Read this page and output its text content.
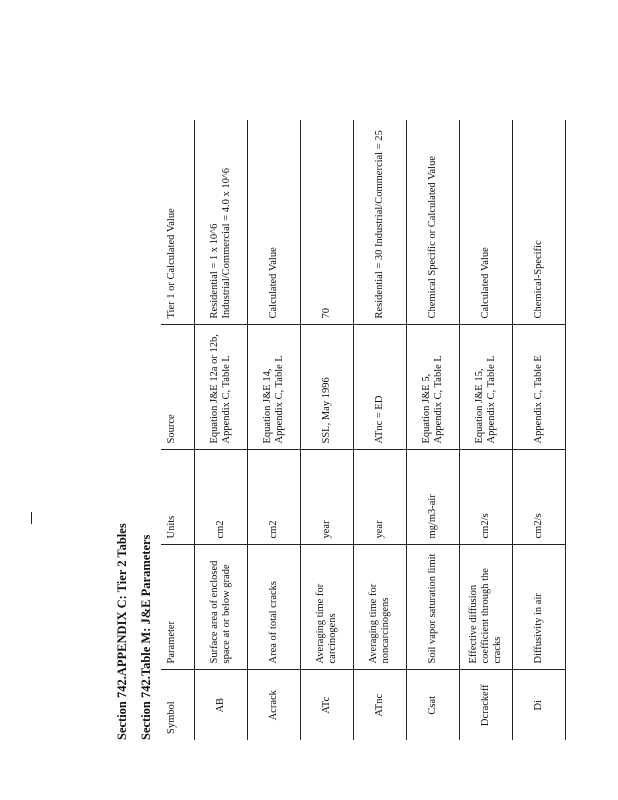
Section 742.APPENDIX C: Tier 2 Tables Section 742.Table M: J&E Parameters Symbol	Parameter	Units	Source	Tier 1 or Calculated Value
AB	Surface area of enclosed space at or below grade	cm2	Equation J&E 12a or 12b, Appendix C, Table L	Residential = 1 x 10^6 Industrial/Commercial = 4.0 x 10^6
Acrack	Area of total cracks	cm2	Equation J&E 14, Appendix C, Table L	Calculated Value
ATc	Averaging time for carcinogens	year	SSL, May 1996	70
ATnc	Averaging time for noncarcinogens	year	ATnc = ED	Residential = 30 Industrial/Commercial = 25
Csat	Soil vapor saturation limit	mg/m3-air	Equation J&E 5, Appendix C, Table L	Chemical Specific or Calculated Value
Dcrackeff	Effective diffusion coefficient through the cracks	cm2/s	Equation J&E 15, Appendix C, Table L	Calculated Value
Di	Diffusivity in air	cm2/s	Appendix C, Table E	Chemical-Specific
